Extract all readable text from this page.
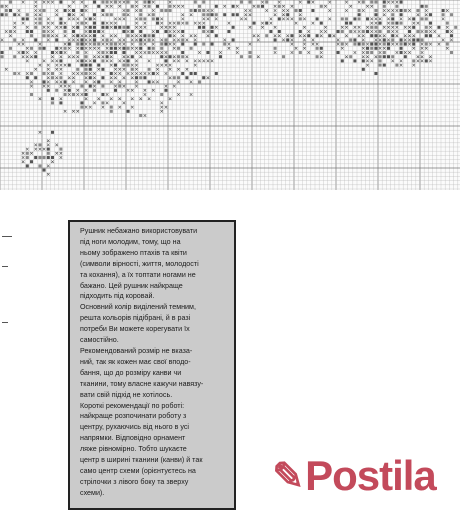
Рушник небажано використовувати
під ноги молодим, тому, що на
ньому зображено птахів та квіти
(символи вірності, життя, молодості
та кохання), а їх топтати ногами не
бажано. Цей рушник найкраще
підходить під коровай.

Основний колір виділений темним,
решта кольорів підібрані, й в разі
потреби Ви можете корегувати їх
самостійно.

Рекомендований розмір не вказа-
ний, так як кожен має свої вподо-
бання, що до розміру канви чи
тканини, тому власне кажучи навязу-
вати свій підхід не хотілось.

Короткі рекомендації по роботі:
найкраще розпочинати роботу з
центру, рухаючись від нього в усі
напрямки. Відповідно орнамент
ляже рівномірно. Тобто шукаєте
центр в ширині тканини (канви) й так
само центр схеми (орієнтуєтесь на
стрілочки з лівого боку та зверху
схеми).	✎ Postila
